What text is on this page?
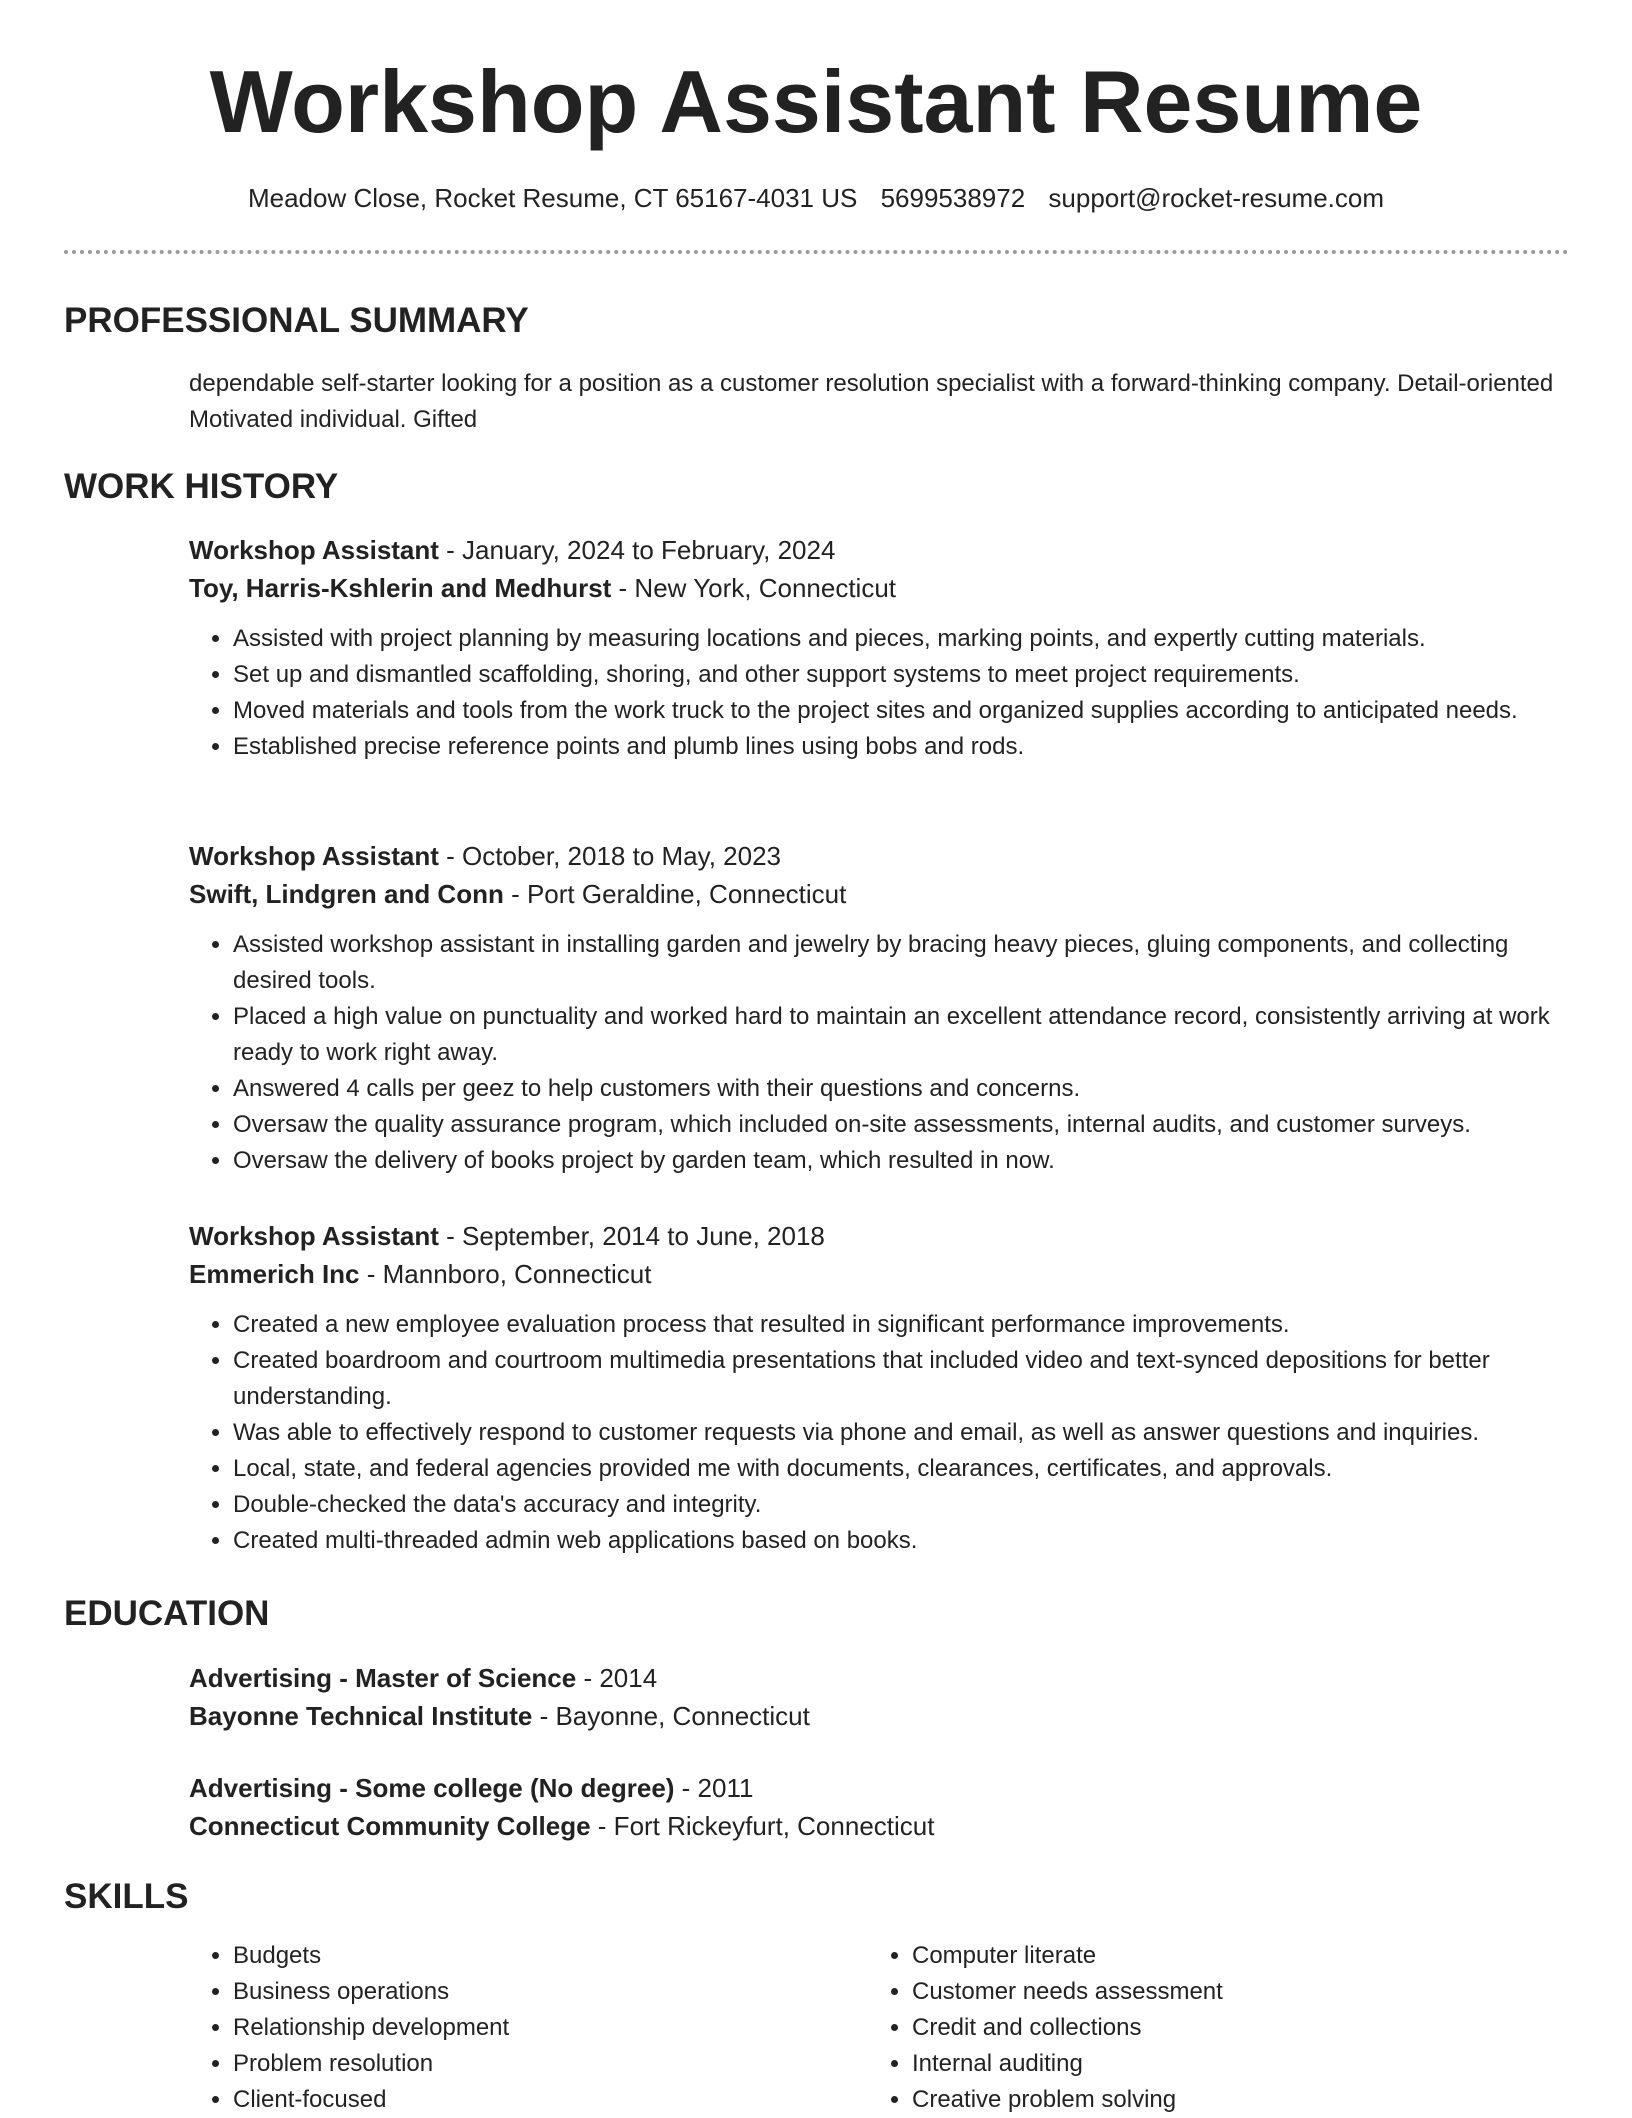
Workshop Assistant Resume
Meadow Close, Rocket Resume, CT 65167-4031 US 5699538972 support@rocket-resume.com
PROFESSIONAL SUMMARY

dependable self-starter looking for a position as a customer resolution specialist with a forward-thinking company. Detail-oriented Motivated individual. Gifted

WORK HISTORY

Workshop Assistant - January, 2024 to February, 2024

Toy, Harris-Kshlerin and Medhurst - New York, Connecticut

• Assisted with project planning by measuring locations and pieces, marking points, and expertly cutting materials.
• Set up and dismantled scaffolding, shoring, and other support systems to meet project requirements.
• Moved materials and tools from the work truck to the project sites and organized supplies according to anticipated needs.
• Established precise reference points and plumb lines using bobs and rods.

Workshop Assistant - October, 2018 to May, 2023

Swift, Lindgren and Conn - Port Geraldine, Connecticut

• Assisted workshop assistant in installing garden and jewelry by bracing heavy pieces, gluing components, and collecting desired tools.
• Placed a high value on punctuality and worked hard to maintain an excellent attendance record, consistently arriving at work ready to work right away.
• Answered 4 calls per geez to help customers with their questions and concerns.
• Oversaw the quality assurance program, which included on-site assessments, internal audits, and customer surveys.
• Oversaw the delivery of books project by garden team, which resulted in now.

Workshop Assistant - September, 2014 to June, 2018

Emmerich Inc - Mannboro, Connecticut

• Created a new employee evaluation process that resulted in significant performance improvements.
• Created boardroom and courtroom multimedia presentations that included video and text-synced depositions for better understanding.
• Was able to effectively respond to customer requests via phone and email, as well as answer questions and inquiries.
• Local, state, and federal agencies provided me with documents, clearances, certificates, and approvals.
• Double-checked the data's accuracy and integrity.
• Created multi-threaded admin web applications based on books.
EDUCATION

Advertising - Master of Science - 2014

Bayonne Technical Institute - Bayonne, Connecticut

Advertising - Some college (No degree) - 2011

Connecticut Community College - Fort Rickeyfurt, Connecticut

SKILLS
• Budgets
• Business operations
• Relationship development
• Problem resolution
• Client-focused
• Computer literate
• Customer needs assessment
• Credit and collections
• Internal auditing
• Creative problem solving
